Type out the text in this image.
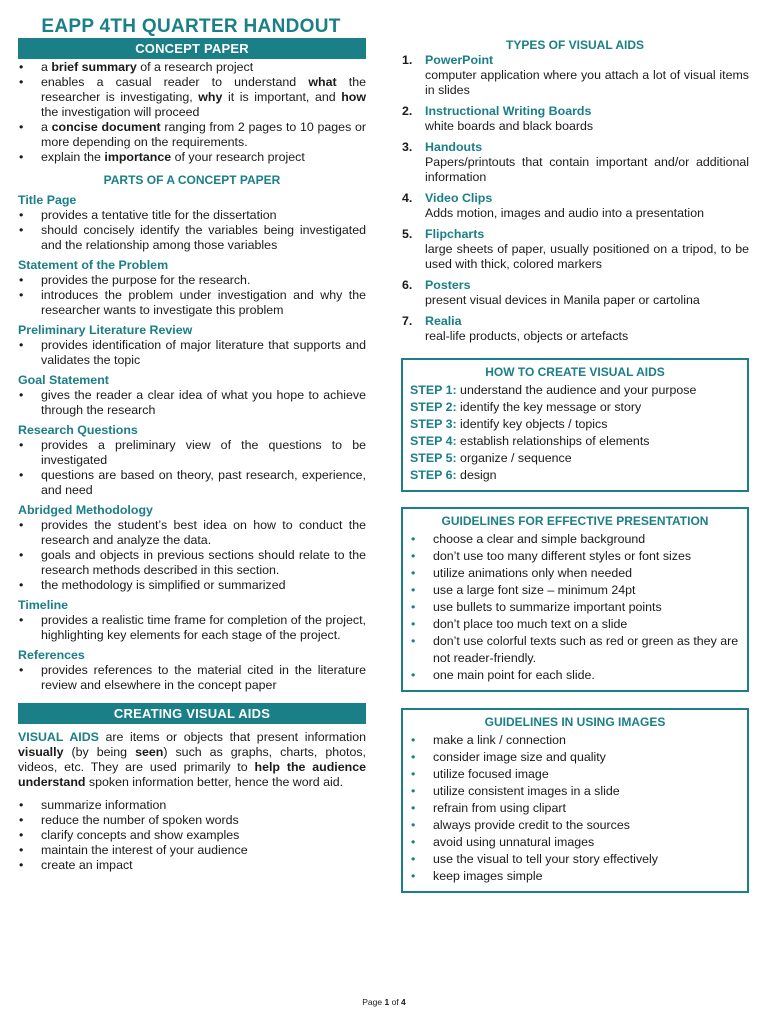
EAPP 4TH QUARTER HANDOUT
CONCEPT PAPER
• a brief summary of a research project
• enables a casual reader to understand what the researcher is investigating, why it is important, and how the investigation will proceed
• a concise document ranging from 2 pages to 10 pages or more depending on the requirements.
• explain the importance of your research project
PARTS OF A CONCEPT PAPER
Title Page
• provides a tentative title for the dissertation
• should concisely identify the variables being investigated and the relationship among those variables
Statement of the Problem
• provides the purpose for the research.
• introduces the problem under investigation and why the researcher wants to investigate this problem
Preliminary Literature Review
• provides identification of major literature that supports and validates the topic
Goal Statement
• gives the reader a clear idea of what you hope to achieve through the research
Research Questions
• provides a preliminary view of the questions to be investigated
• questions are based on theory, past research, experience, and need
Abridged Methodology
• provides the student’s best idea on how to conduct the research and analyze the data.
• goals and objects in previous sections should relate to the research methods described in this section.
• the methodology is simplified or summarized
Timeline
• provides a realistic time frame for completion of the project, highlighting key elements for each stage of the project.
References
• provides references to the material cited in the literature review and elsewhere in the concept paper
CREATING VISUAL AIDS

VISUAL AIDS are items or objects that present information visually (by being seen) such as graphs, charts, photos, videos, etc. They are used primarily to help the audience understand spoken information better, hence the word aid.

• summarize information
• reduce the number of spoken words
• clarify concepts and show examples
• maintain the interest of your audience
• create an impact
TYPES OF VISUAL AIDS
1. PowerPoint
computer application where you attach a lot of visual items in slides
2. Instructional Writing Boards
white boards and black boards
3. Handouts
Papers/printouts that contain important and/or additional information
4. Video Clips
Adds motion, images and audio into a presentation
5. Flipcharts
large sheets of paper, usually positioned on a tripod, to be used with thick, colored markers
6. Posters
present visual devices in Manila paper or cartolina
7. Realia
real-life products, objects or artefacts
HOW TO CREATE VISUAL AIDS
STEP 1: understand the audience and your purpose
STEP 2: identify the key message or story
STEP 3: identify key objects / topics
STEP 4: establish relationships of elements
STEP 5: organize / sequence
STEP 6: design
GUIDELINES FOR EFFECTIVE PRESENTATION
• choose a clear and simple background
• don’t use too many different styles or font sizes
• utilize animations only when needed
• use a large font size – minimum 24pt
• use bullets to summarize important points
• don’t place too much text on a slide
• don’t use colorful texts such as red or green as they are not reader-friendly.
• one main point for each slide.
GUIDELINES IN USING IMAGES
• make a link / connection
• consider image size and quality
• utilize focused image
• utilize consistent images in a slide
• refrain from using clipart
• always provide credit to the sources
• avoid using unnatural images
• use the visual to tell your story effectively
• keep images simple
Page 1 of 4
